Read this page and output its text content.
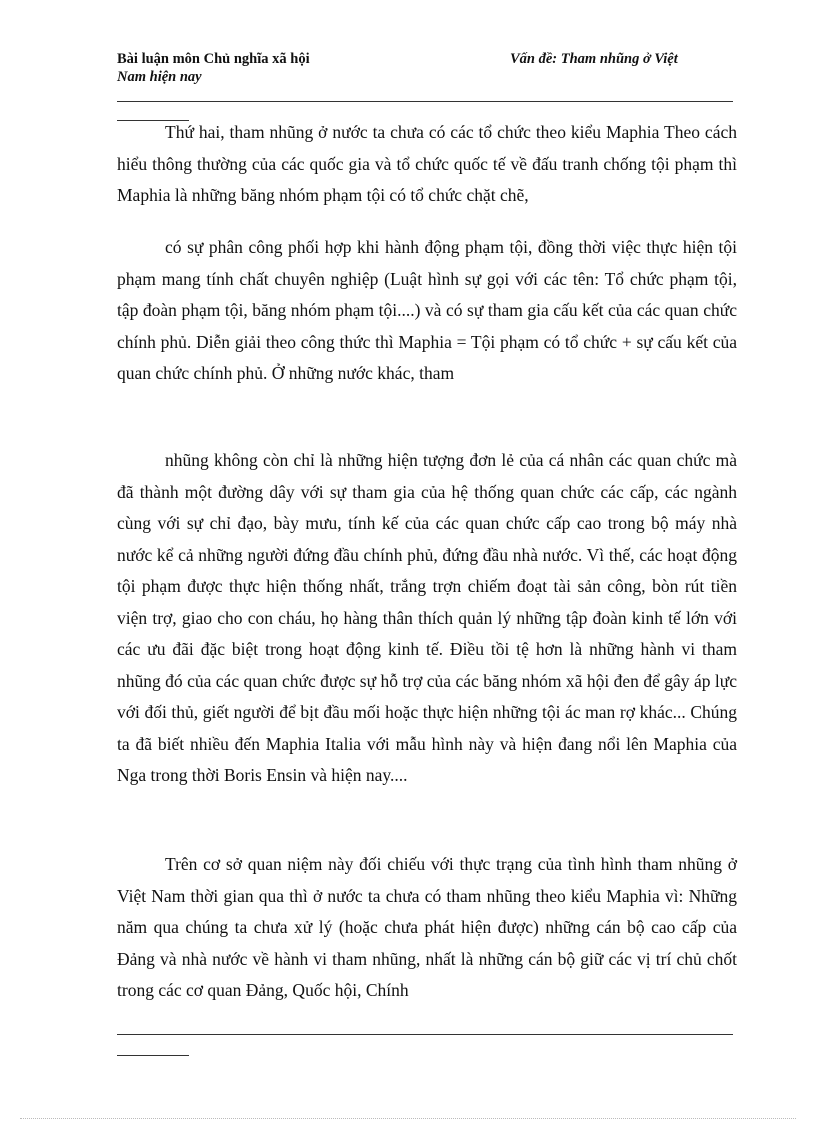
Bài luận môn Chủ nghĩa xã hội
Nam hiện nay
Vấn đề: Tham nhũng ở Việt

Thứ hai, tham nhũng ở nước ta chưa có các tổ chức theo kiểu Maphia Theo cách hiểu thông thường của các quốc gia và tổ chức quốc tế về đấu tranh chống tội phạm thì Maphia là những băng nhóm phạm tội có tổ chức chặt chẽ,

có sự phân công phối hợp khi hành động phạm tội, đồng thời việc thực hiện tội phạm mang tính chất chuyên nghiệp (Luật hình sự gọi với các tên: Tổ chức phạm tội, tập đoàn phạm tội, băng nhóm phạm tội....) và có sự tham gia cấu kết của các quan chức chính phủ. Diễn giải theo công thức thì Maphia = Tội phạm có tổ chức + sự cấu kết của quan chức chính phủ. Ở những nước khác, tham

nhũng không còn chỉ là những hiện tượng đơn lẻ của cá nhân các quan chức mà đã thành một đường dây với sự tham gia của hệ thống quan chức các cấp, các ngành cùng với sự chỉ đạo, bày mưu, tính kế của các quan chức cấp cao trong bộ máy nhà nước kể cả những người đứng đầu chính phủ, đứng đầu nhà nước. Vì thế, các hoạt động tội phạm được thực hiện thống nhất, trắng trợn chiếm đoạt tài sản công, bòn rút tiền viện trợ, giao cho con cháu, họ hàng thân thích quản lý những tập đoàn kinh tế lớn với các ưu đãi đặc biệt trong hoạt động kinh tế. Điều tồi tệ hơn là những hành vi tham nhũng đó của các quan chức được sự hỗ trợ của các băng nhóm xã hội đen để gây áp lực với đối thủ, giết người để bịt đầu mối hoặc thực hiện những tội ác man rợ khác... Chúng ta đã biết nhiều đến Maphia Italia với mẫu hình này và hiện đang nổi lên Maphia của Nga trong thời Boris Ensin và hiện nay....

Trên cơ sở quan niệm này đối chiếu với thực trạng của tình hình tham nhũng ở Việt Nam thời gian qua thì ở nước ta chưa có tham nhũng theo kiểu Maphia vì: Những năm qua chúng ta chưa xử lý (hoặc chưa phát hiện được) những cán bộ cao cấp của Đảng và nhà nước về hành vi tham nhũng, nhất là những cán bộ giữ các vị trí chủ chốt trong các cơ quan Đảng, Quốc hội, Chính
